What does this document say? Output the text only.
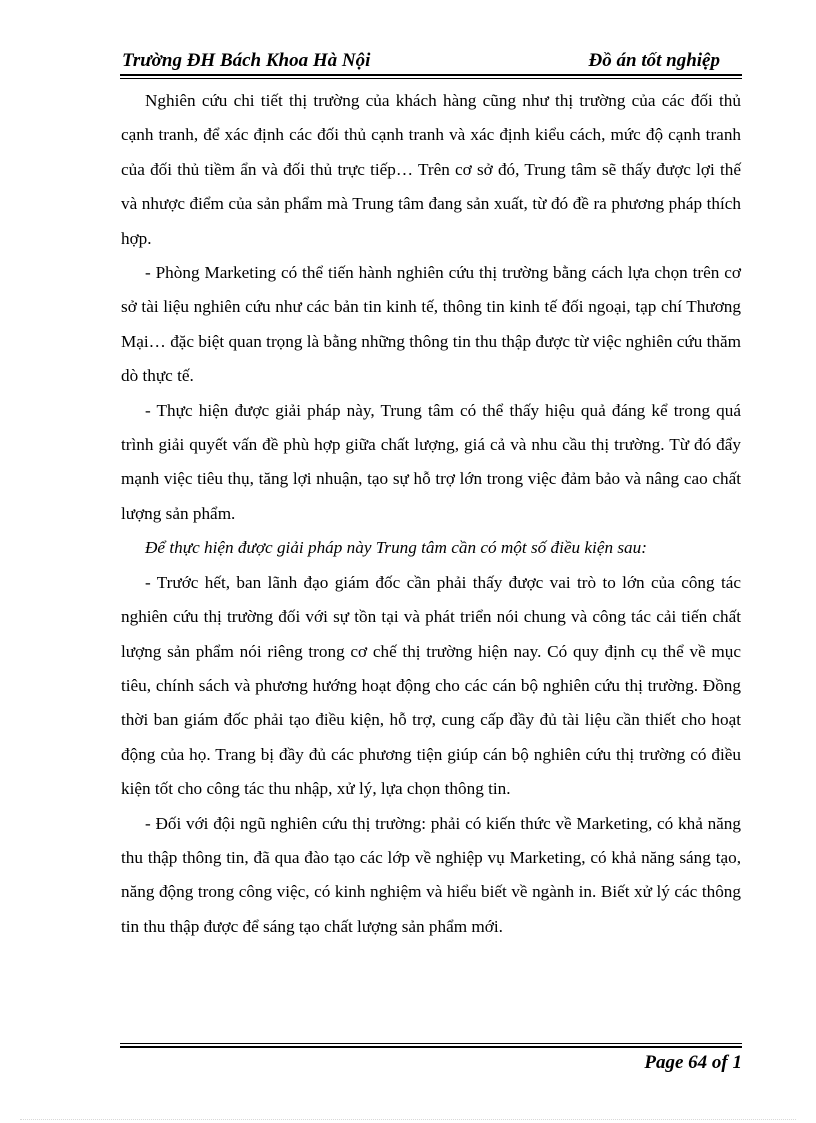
Trường ĐH Bách Khoa Hà Nội	Đồ án tốt nghiệp

Nghiên cứu chi tiết thị trường của khách hàng cũng như thị trường của các đối thủ cạnh tranh, để xác định các đối thủ cạnh tranh và xác định kiểu cách, mức độ cạnh tranh của đối thủ tiềm ẩn và đối thủ trực tiếp… Trên cơ sở đó, Trung tâm sẽ thấy được lợi thế và nhược điểm của sản phẩm mà Trung tâm đang sản xuất, từ đó đề ra phương pháp thích hợp.

- Phòng Marketing có thể tiến hành nghiên cứu thị trường bằng cách lựa chọn trên cơ sở tài liệu nghiên cứu như các bản tin kinh tế, thông tin kinh tế đối ngoại, tạp chí Thương Mại… đặc biệt quan trọng là bằng những thông tin thu thập được từ việc nghiên cứu thăm dò thực tế.

- Thực hiện được giải pháp này, Trung tâm có thể thấy hiệu quả đáng kể trong quá trình giải quyết vấn đề phù hợp giữa chất lượng, giá cả và nhu cầu thị trường. Từ đó đẩy mạnh việc tiêu thụ, tăng lợi nhuận, tạo sự hỗ trợ lớn trong việc đảm bảo và nâng cao chất lượng sản phẩm.

Để thực hiện được giải pháp này Trung tâm cần có một số điều kiện sau:

- Trước hết, ban lãnh đạo giám đốc cần phải thấy được vai trò to lớn của công tác nghiên cứu thị trường đối với sự tồn tại và phát triển nói chung và công tác cải tiến chất lượng sản phẩm nói riêng trong cơ chế thị trường hiện nay. Có quy định cụ thể về mục tiêu, chính sách và phương hướng hoạt động cho các cán bộ nghiên cứu thị trường. Đồng thời ban giám đốc phải tạo điều kiện, hỗ trợ, cung cấp đầy đủ tài liệu cần thiết cho hoạt động của họ. Trang bị đầy đủ các phương tiện giúp cán bộ nghiên cứu thị trường có điều kiện tốt cho công tác thu nhập, xử lý, lựa chọn thông tin.

- Đối với đội ngũ nghiên cứu thị trường: phải có kiến thức về Marketing, có khả năng thu thập thông tin, đã qua đào tạo các lớp về nghiệp vụ Marketing, có khả năng sáng tạo, năng động trong công việc, có kinh nghiệm và hiểu biết về ngành in. Biết xử lý các thông tin thu thập được để sáng tạo chất lượng sản phẩm mới.

Page 64 of 1
